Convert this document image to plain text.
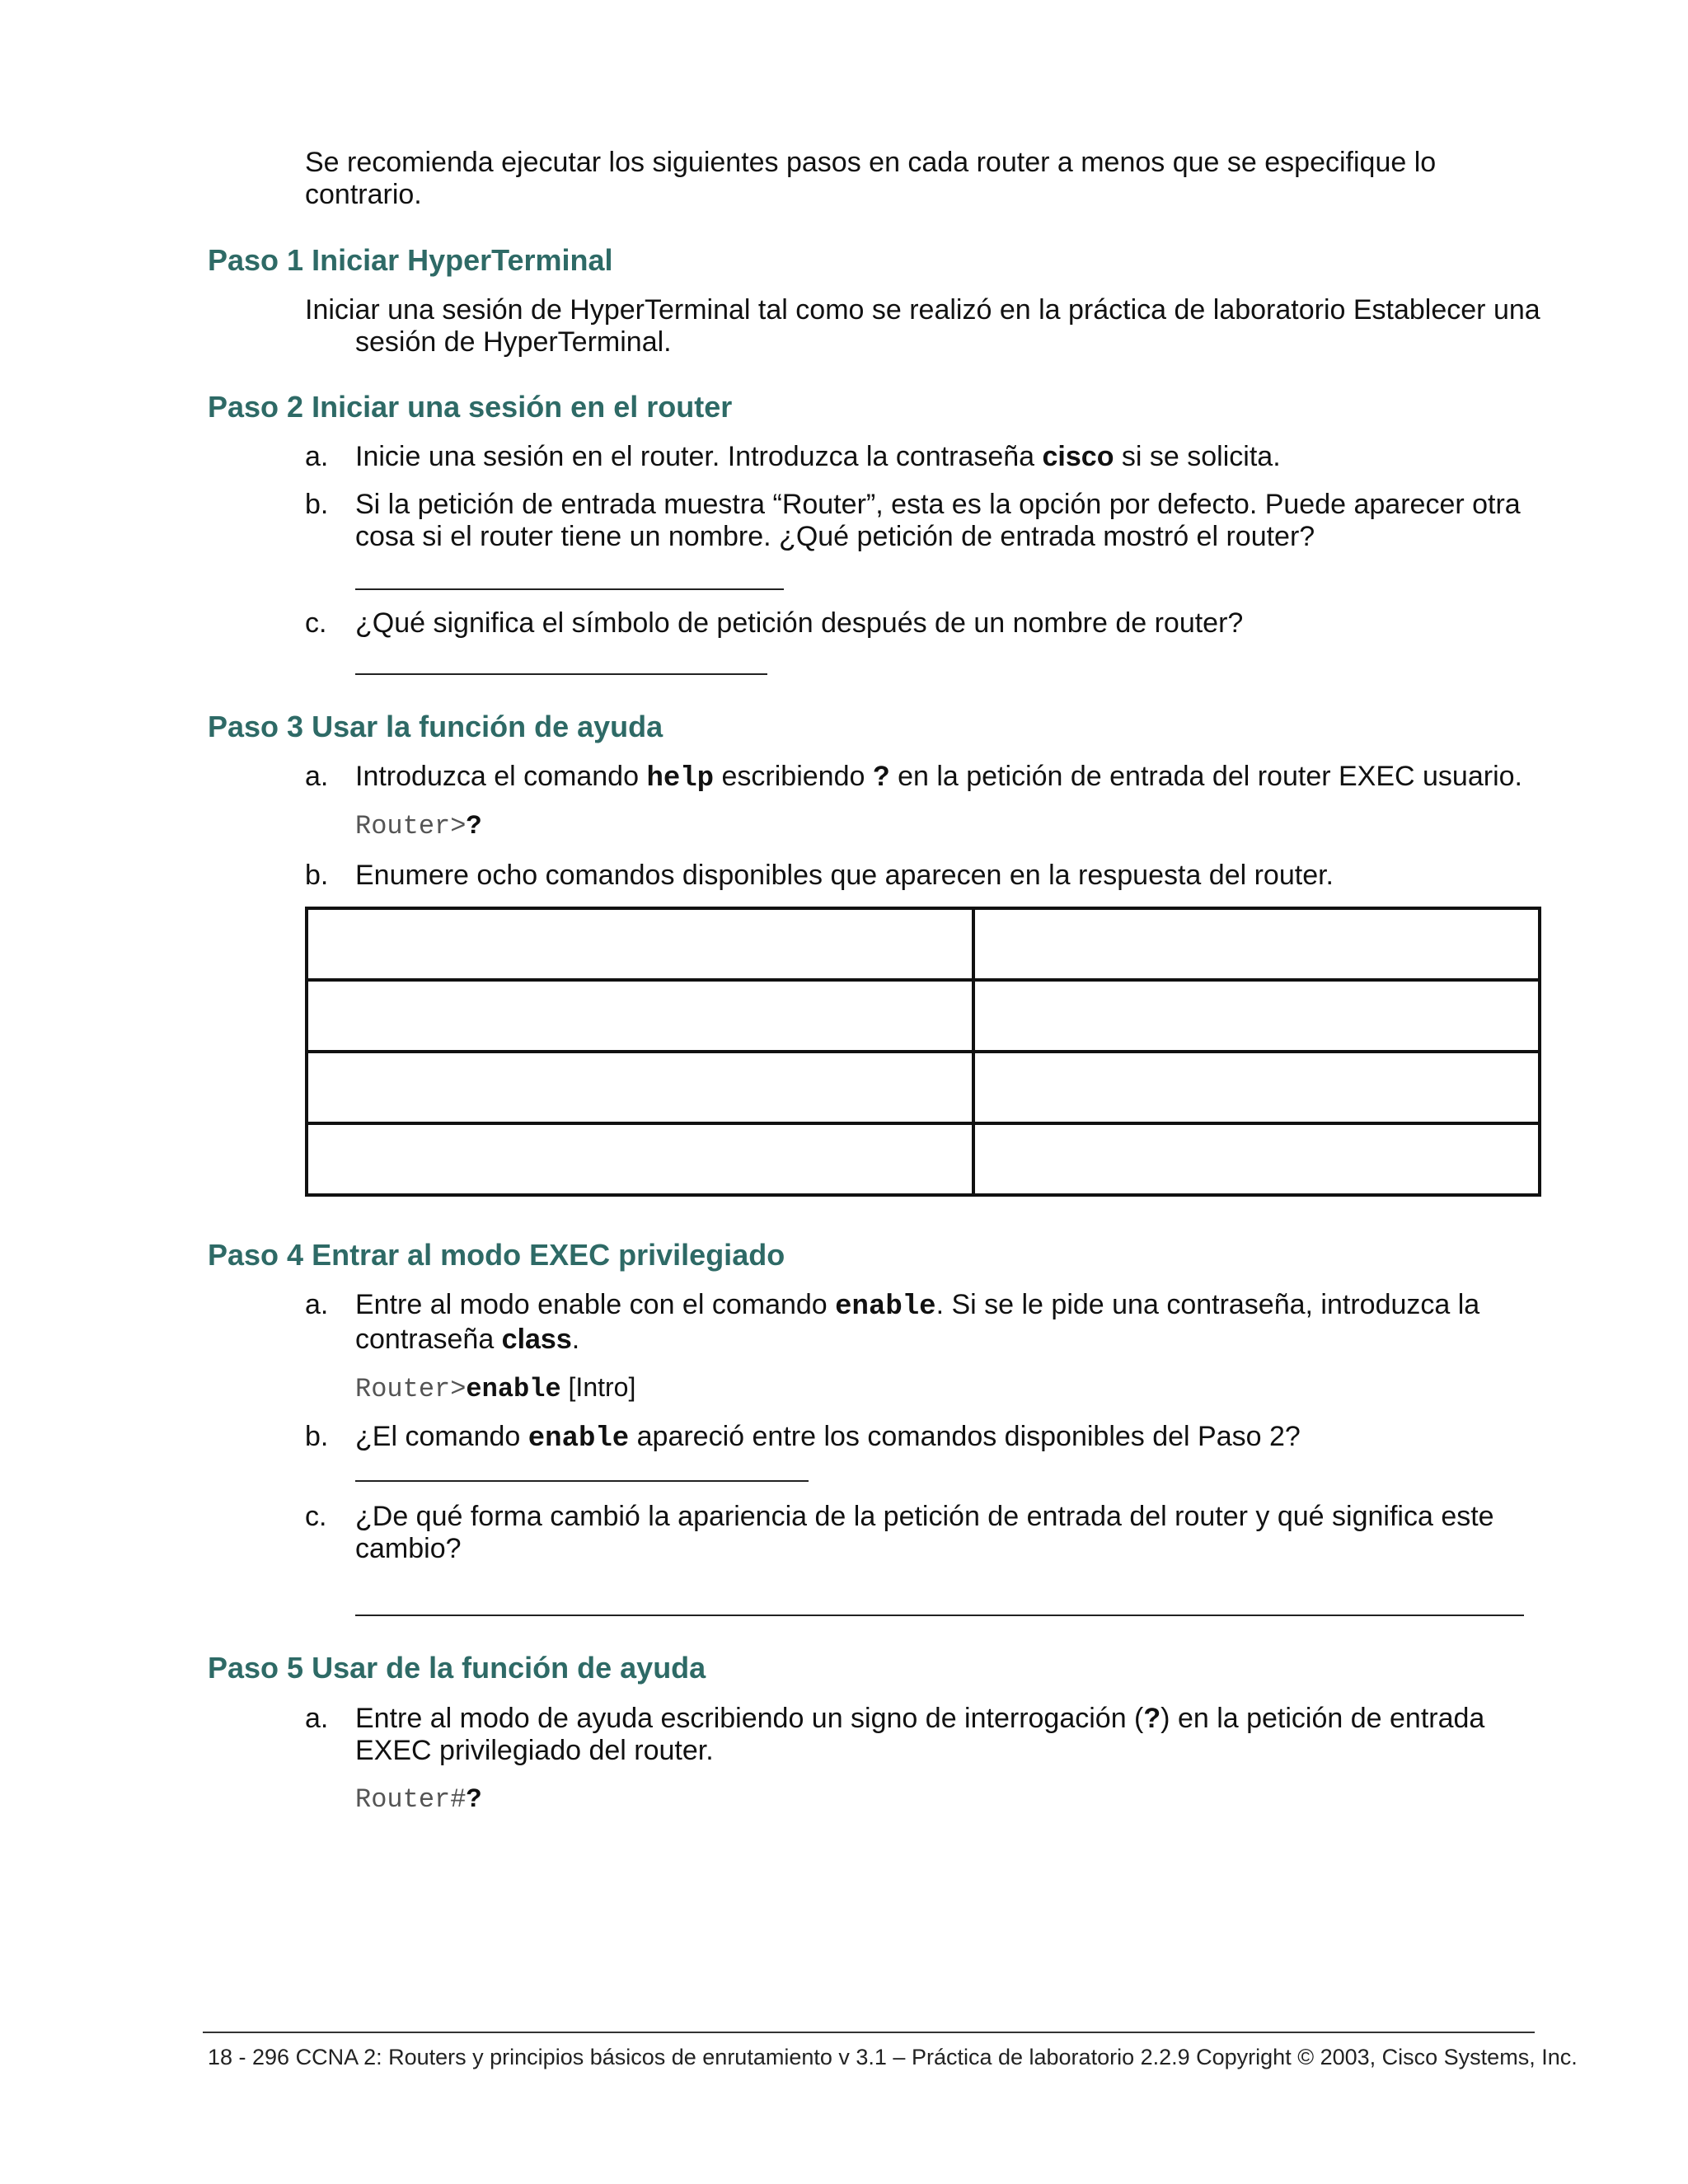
Se recomienda ejecutar los siguientes pasos en cada router a menos que se especifique lo

contrario.

Paso 1 Iniciar HyperTerminal

Iniciar una sesión de HyperTerminal tal como se realizó en la práctica de laboratorio Establecer una

sesión de HyperTerminal.

Paso 2 Iniciar una sesión en el router
a. Inicie una sesión en el router. Introduzca la contraseña cisco si se solicita.
b. Si la petición de entrada muestra “Router”, esta es la opción por defecto. Puede aparecer otra
cosa si el router tiene un nombre. ¿Qué petición de entrada mostró el router?
c. ¿Qué significa el símbolo de petición después de un nombre de router?
Paso 3 Usar la función de ayuda
a. Introduzca el comando help escribiendo ? en la petición de entrada del router EXEC usuario.
Router>?
b. Enumere ocho comandos disponibles que aparecen en la respuesta del router.

Paso 4 Entrar al modo EXEC privilegiado
a. Entre al modo enable con el comando enable. Si se le pide una contraseña, introduzca la
contraseña class.
Router>enable [Intro]
b. ¿El comando enable apareció entre los comandos disponibles del Paso 2?
c. ¿De qué forma cambió la apariencia de la petición de entrada del router y qué significa este
cambio?
Paso 5 Usar de la función de ayuda
a. Entre al modo de ayuda escribiendo un signo de interrogación (?) en la petición de entrada
EXEC privilegiado del router.
Router#?
18 - 296 CCNA 2: Routers y principios básicos de enrutamiento v 3.1 – Práctica de laboratorio 2.2.9 Copyright © 2003, Cisco Systems, Inc.
